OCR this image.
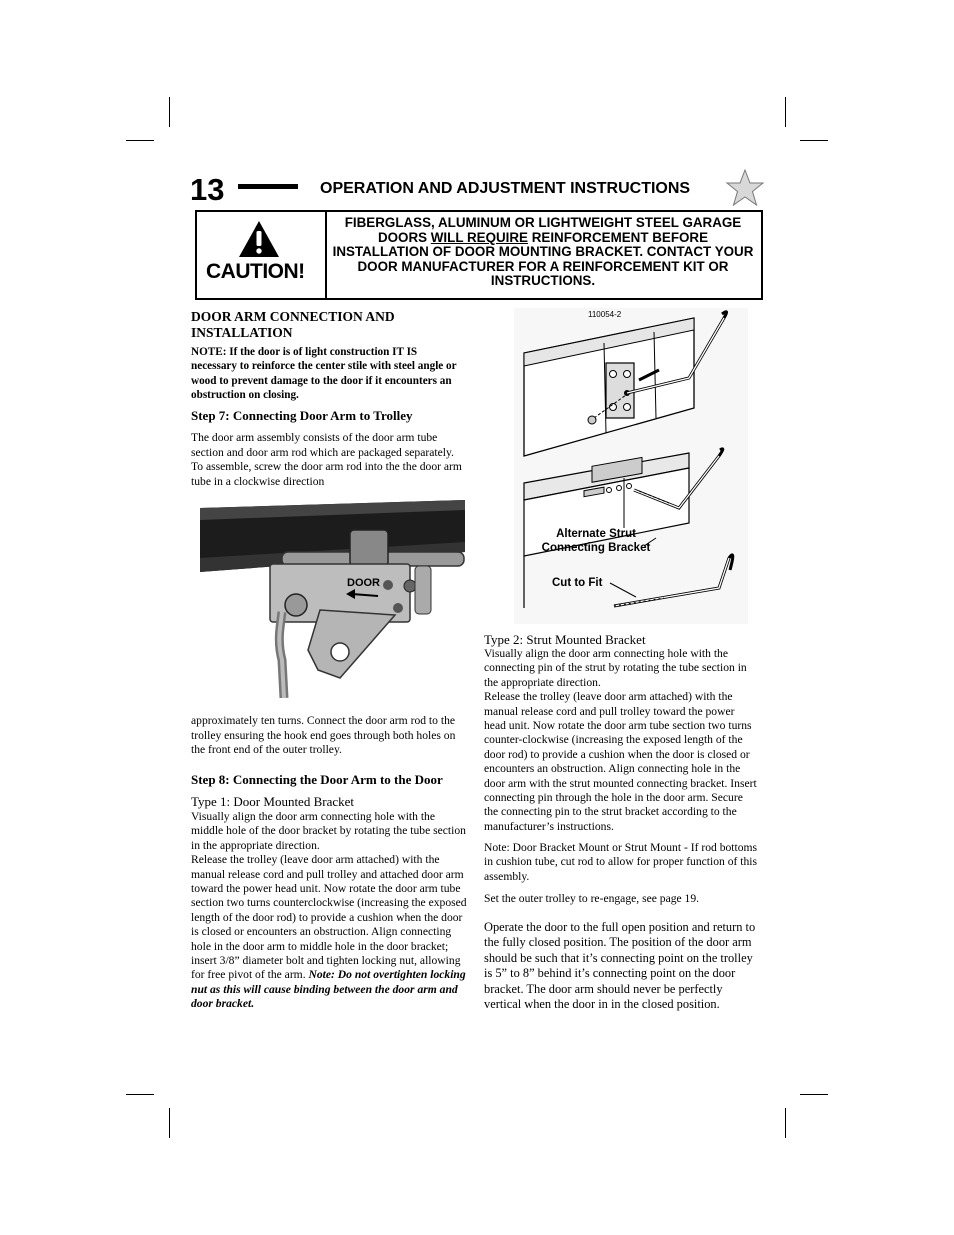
13	OPERATION AND ADJUSTMENT INSTRUCTIONS
CAUTION!
FIBERGLASS, ALUMINUM OR LIGHTWEIGHT STEEL GARAGE DOORS WILL REQUIRE REINFORCEMENT BEFORE INSTALLATION OF DOOR MOUNTING BRACKET. CONTACT YOUR DOOR MANUFACTURER FOR A REINFORCEMENT KIT OR INSTRUCTIONS.
DOOR ARM CONNECTION AND INSTALLATION
NOTE: If the door is of light construction IT IS necessary to reinforce the center stile with steel angle or wood to prevent damage to the door if it encounters an obstruction on closing.
Step 7: Connecting Door Arm to Trolley
The door arm assembly consists of the door arm tube section and door arm rod which are packaged separately. To assemble, screw the door arm rod into the the door arm tube in a clockwise direction
DOOR
approximately ten turns. Connect the door arm rod to the trolley ensuring the hook end goes through both holes on the front end of the outer trolley.
Step 8: Connecting the Door Arm to the Door
Type 1: Door Mounted Bracket
Visually align the door arm connecting hole with the middle hole of the door bracket by rotating the tube section in the appropriate direction.
Release the trolley (leave door arm attached) with the manual release cord and pull trolley and attached door arm toward the power head unit. Now rotate the door arm tube section two turns counterclockwise (increasing the exposed length of the door rod) to provide a cushion when the door is closed or encounters an obstruction. Align connecting hole in the door arm to middle hole in the door bracket; insert 3/8” diameter bolt and tighten locking nut, allowing for free pivot of the arm. Note: Do not overtighten locking nut as this will cause binding between the door arm and door bracket.
110054-2
Alternate Strut Connecting Bracket
Cut to Fit
Type 2: Strut Mounted Bracket
Visually align the door arm connecting hole with the connecting pin of the strut by rotating the tube section in the appropriate direction.
Release the trolley (leave door arm attached) with the manual release cord and pull trolley toward the power head unit. Now rotate the door arm tube section two turns counter-clockwise (increasing the exposed length of the door rod) to provide a cushion when the door is closed or encounters an obstruction. Align connecting hole in the door arm with the strut mounted connecting bracket. Insert connecting pin through the hole in the door arm. Secure the connecting pin to the strut bracket according to the manufacturer’s instructions.
Note: Door Bracket Mount or Strut Mount - If rod bottoms in cushion tube, cut rod to allow for proper function of this assembly.
Set the outer trolley to re-engage, see page 19.
Operate the door to the full open position and return to the fully closed position. The position of the door arm should be such that it’s connecting point on the trolley is 5” to 8” behind it’s connecting point on the door bracket. The door arm should never be perfectly vertical when the door in in the closed position.
